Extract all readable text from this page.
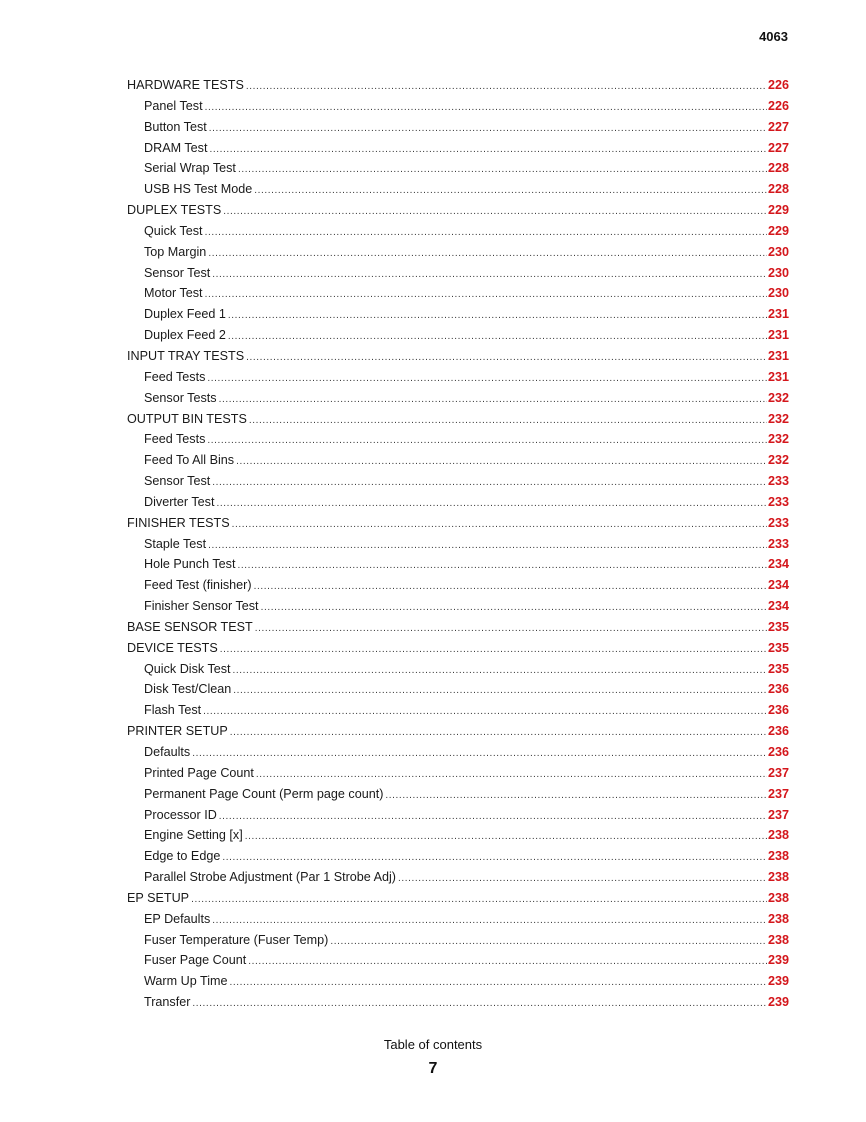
4063
HARDWARE TESTS .....	226
Panel Test .....	226
Button Test .....	227
DRAM Test .....	227
Serial Wrap Test .....	228
USB HS Test Mode .....	228
DUPLEX TESTS .....	229
Quick Test .....	229
Top Margin .....	230
Sensor Test .....	230
Motor Test .....	230
Duplex Feed 1 .....	231
Duplex Feed 2 .....	231
INPUT TRAY TESTS .....	231
Feed Tests .....	231
Sensor Tests .....	232
OUTPUT BIN TESTS .....	232
Feed Tests .....	232
Feed To All Bins .....	232
Sensor Test .....	233
Diverter Test .....	233
FINISHER TESTS .....	233
Staple Test .....	233
Hole Punch Test .....	234
Feed Test (finisher) .....	234
Finisher Sensor Test .....	234
BASE SENSOR TEST .....	235
DEVICE TESTS .....	235
Quick Disk Test .....	235
Disk Test/Clean .....	236
Flash Test .....	236
PRINTER SETUP .....	236
Defaults .....	236
Printed Page Count .....	237
Permanent Page Count (Perm page count) .....	237
Processor ID .....	237
Engine Setting [x] .....	238
Edge to Edge .....	238
Parallel Strobe Adjustment (Par 1 Strobe Adj) .....	238
EP SETUP .....	238
EP Defaults .....	238
Fuser Temperature (Fuser Temp) .....	238
Fuser Page Count .....	239
Warm Up Time .....	239
Transfer .....	239
Table of contents
7
